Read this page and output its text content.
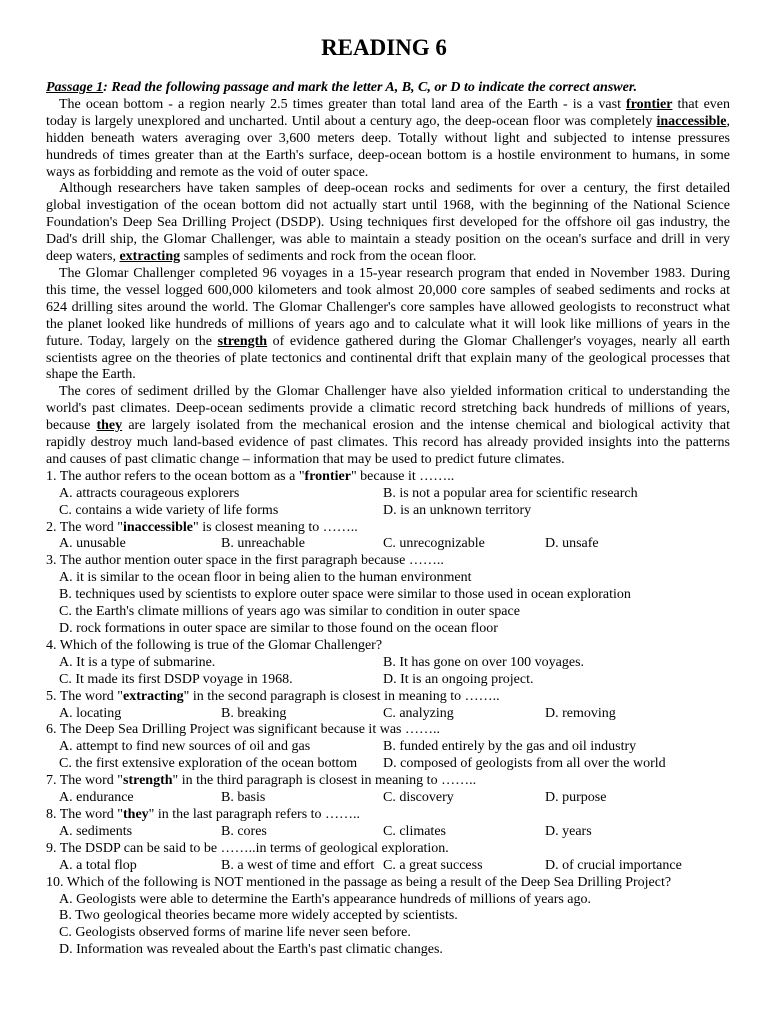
READING 6
Passage 1: Read the following passage and mark the letter A, B, C, or D to indicate the correct answer.
The ocean bottom - a region nearly 2.5 times greater than total land area of the Earth - is a vast frontier that even
today is largely unexplored and uncharted. Until about a century ago, the deep-ocean floor was completely inaccessible,
hidden beneath waters averaging over 3,600 meters deep. Totally without light and subjected to intense pressures
hundreds of times greater than at the Earth's surface, deep-ocean bottom is a hostile environment to humans, in some
ways as forbidding and remote as the void of outer space.
Although researchers have taken samples of deep-ocean rocks and sediments for over a century, the first detailed
global investigation of the ocean bottom did not actually start until 1968, with the beginning of the National Science
Foundation's Deep Sea Drilling Project (DSDP). Using techniques first developed for the offshore oil gas industry, the
Dad's drill ship, the Glomar Challenger, was able to maintain a steady position on the ocean's surface and drill in very
deep waters, extracting samples of sediments and rock from the ocean floor.
The Glomar Challenger completed 96 voyages in a 15-year research program that ended in November 1983. During
this time, the vessel logged 600,000 kilometers and took almost 20,000 core samples of seabed sediments and rocks at
624 drilling sites around the world. The Glomar Challenger's core samples have allowed geologists to reconstruct what
the planet looked like hundreds of millions of years ago and to calculate what it will look like millions of years in the
future. Today, largely on the strength of evidence gathered during the Glomar Challenger's voyages, nearly all earth
scientists agree on the theories of plate tectonics and continental drift that explain many of the geological processes that
shape the Earth.
The cores of sediment drilled by the Glomar Challenger have also yielded information critical to understanding the
world's past climates. Deep-ocean sediments provide a climatic record stretching back hundreds of millions of years,
because they are largely isolated from the mechanical erosion and the intense chemical and biological activity that
rapidly destroy much land-based evidence of past climates. This record has already provided insights into the patterns
and causes of past climatic change – information that may be used to predict future climates.
1. The author refers to the ocean bottom as a "frontier" because it ……..
A. attracts courageous explorers	B. is not a popular area for scientific research
C. contains a wide variety of life forms	D. is an unknown territory
2. The word "inaccessible" is closest meaning to ……..
A. unusable	B. unreachable	C. unrecognizable	D. unsafe
3. The author mention outer space in the first paragraph because ……..
A. it is similar to the ocean floor in being alien to the human environment
B. techniques used by scientists to explore outer space were similar to those used in ocean exploration
C. the Earth's climate millions of years ago was similar to condition in outer space
D. rock formations in outer space are similar to those found on the ocean floor
4. Which of the following is true of the Glomar Challenger?
A. It is a type of submarine.	B. It has gone on over 100 voyages.
C. It made its first DSDP voyage in 1968.	D. It is an ongoing project.
5. The word "extracting" in the second paragraph is closest in meaning to ……..
A. locating	B. breaking	C. analyzing	D. removing
6. The Deep Sea Drilling Project was significant because it was ……..
A. attempt to find new sources of oil and gas	B. funded entirely by the gas and oil industry
C. the first extensive exploration of the ocean bottom	D. composed of geologists from all over the world
7. The word "strength" in the third paragraph is closest in meaning to ……..
A. endurance	B. basis	C. discovery	D. purpose
8. The word "they" in the last paragraph refers to ……..
A. sediments	B. cores	C. climates	D. years
9. The DSDP can be said to be ……..in terms of geological exploration.
A. a total flop	B. a west of time and effort C. a great success	D. of crucial importance
10. Which of the following is NOT mentioned in the passage as being a result of the Deep Sea Drilling Project?
A. Geologists were able to determine the Earth's appearance hundreds of millions of years ago.
B. Two geological theories became more widely accepted by scientists.
C. Geologists observed forms of marine life never seen before.
D. Information was revealed about the Earth's past climatic changes.
